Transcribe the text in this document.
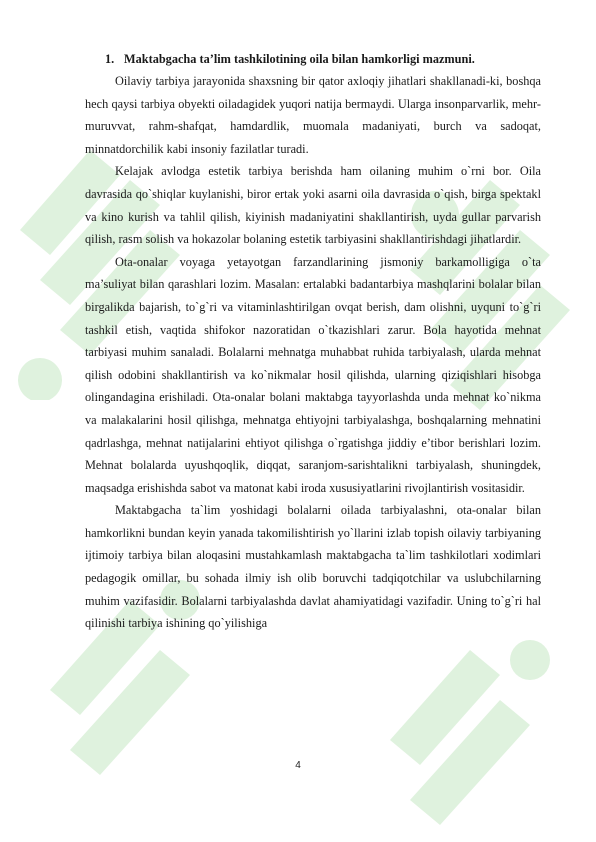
1. Maktabgacha ta’lim tashkilotining oila bilan hamkorligi mazmuni.

Oilaviy tarbiya jarayonida shaxsning bir qator axloqiy jihatlari shakllanadi-ki, boshqa hech qaysi tarbiya obyekti oiladagidek yuqori natija bermaydi. Ularga insonparvarlik, mehr-muruvvat, rahm-shafqat, hamdardlik, muomala madaniyati, burch va sadoqat, minnatdorchilik kabi insoniy fazilatlar turadi.

Kelajak avlodga estetik tarbiya berishda ham oilaning muhim o`rni bor. Oila davrasida qo`shiqlar kuylanishi, biror ertak yoki asarni oila davrasida o`qish, birga spektakl va kino kurish va tahlil qilish, kiyinish madaniyatini shakllantirish, uyda gullar parvarish qilish, rasm solish va hokazolar bolaning estetik tarbiyasini shakllantirishdagi jihatlardir.

Ota-onalar voyaga yetayotgan farzandlarining jismoniy barkamolligiga o`ta ma’suliyat bilan qarashlari lozim. Masalan: ertalabki badantarbiya mashqlarini bolalar bilan birgalikda bajarish, to`g`ri va vitaminlashtirilgan ovqat berish, dam olishni, uyquni to`g`ri tashkil etish, vaqtida shifokor nazoratidan o`tkazishlari zarur. Bola hayotida mehnat tarbiyasi muhim sanaladi. Bolalarni mehnatga muhabbat ruhida tarbiyalash, ularda mehnat qilish odobini shakllantirish va ko`nikmalar hosil qilishda, ularning qiziqishlari hisobga olingandagina erishiladi. Ota-onalar bolani maktabga tayyorlashda unda mehnat ko`nikma va malakalarini hosil qilishga, mehnatga ehtiyojni tarbiyalashga, boshqalarning mehnatini qadrlashga, mehnat natijalarini ehtiyot qilishga o`rgatishga jiddiy e’tibor berishlari lozim. Mehnat bolalarda uyushqoqlik, diqqat, saranjom-sarishtalikni tarbiyalash, shuningdek, maqsadga erishishda sabot va matonat kabi iroda xususiyatlarini rivojlantirish vositasidir.

Maktabgacha ta`lim yoshidagi bolalarni oilada tarbiyalashni, ota-onalar bilan hamkorlikni bundan keyin yanada takomilishtirish yo`llarini izlab topish oilaviy tarbiyaning ijtimoiy tarbiya bilan aloqasini mustahkamlash maktabgacha ta`lim tashkilotlari xodimlari pedagogik omillar, bu sohada ilmiy ish olib boruvchi tadqiqotchilar va uslubchilarning muhim vazifasidir. Bolalarni tarbiyalashda davlat ahamiyatidagi vazifadir. Uning to`g`ri hal qilinishi tarbiya ishining qo`yilishiga

4
